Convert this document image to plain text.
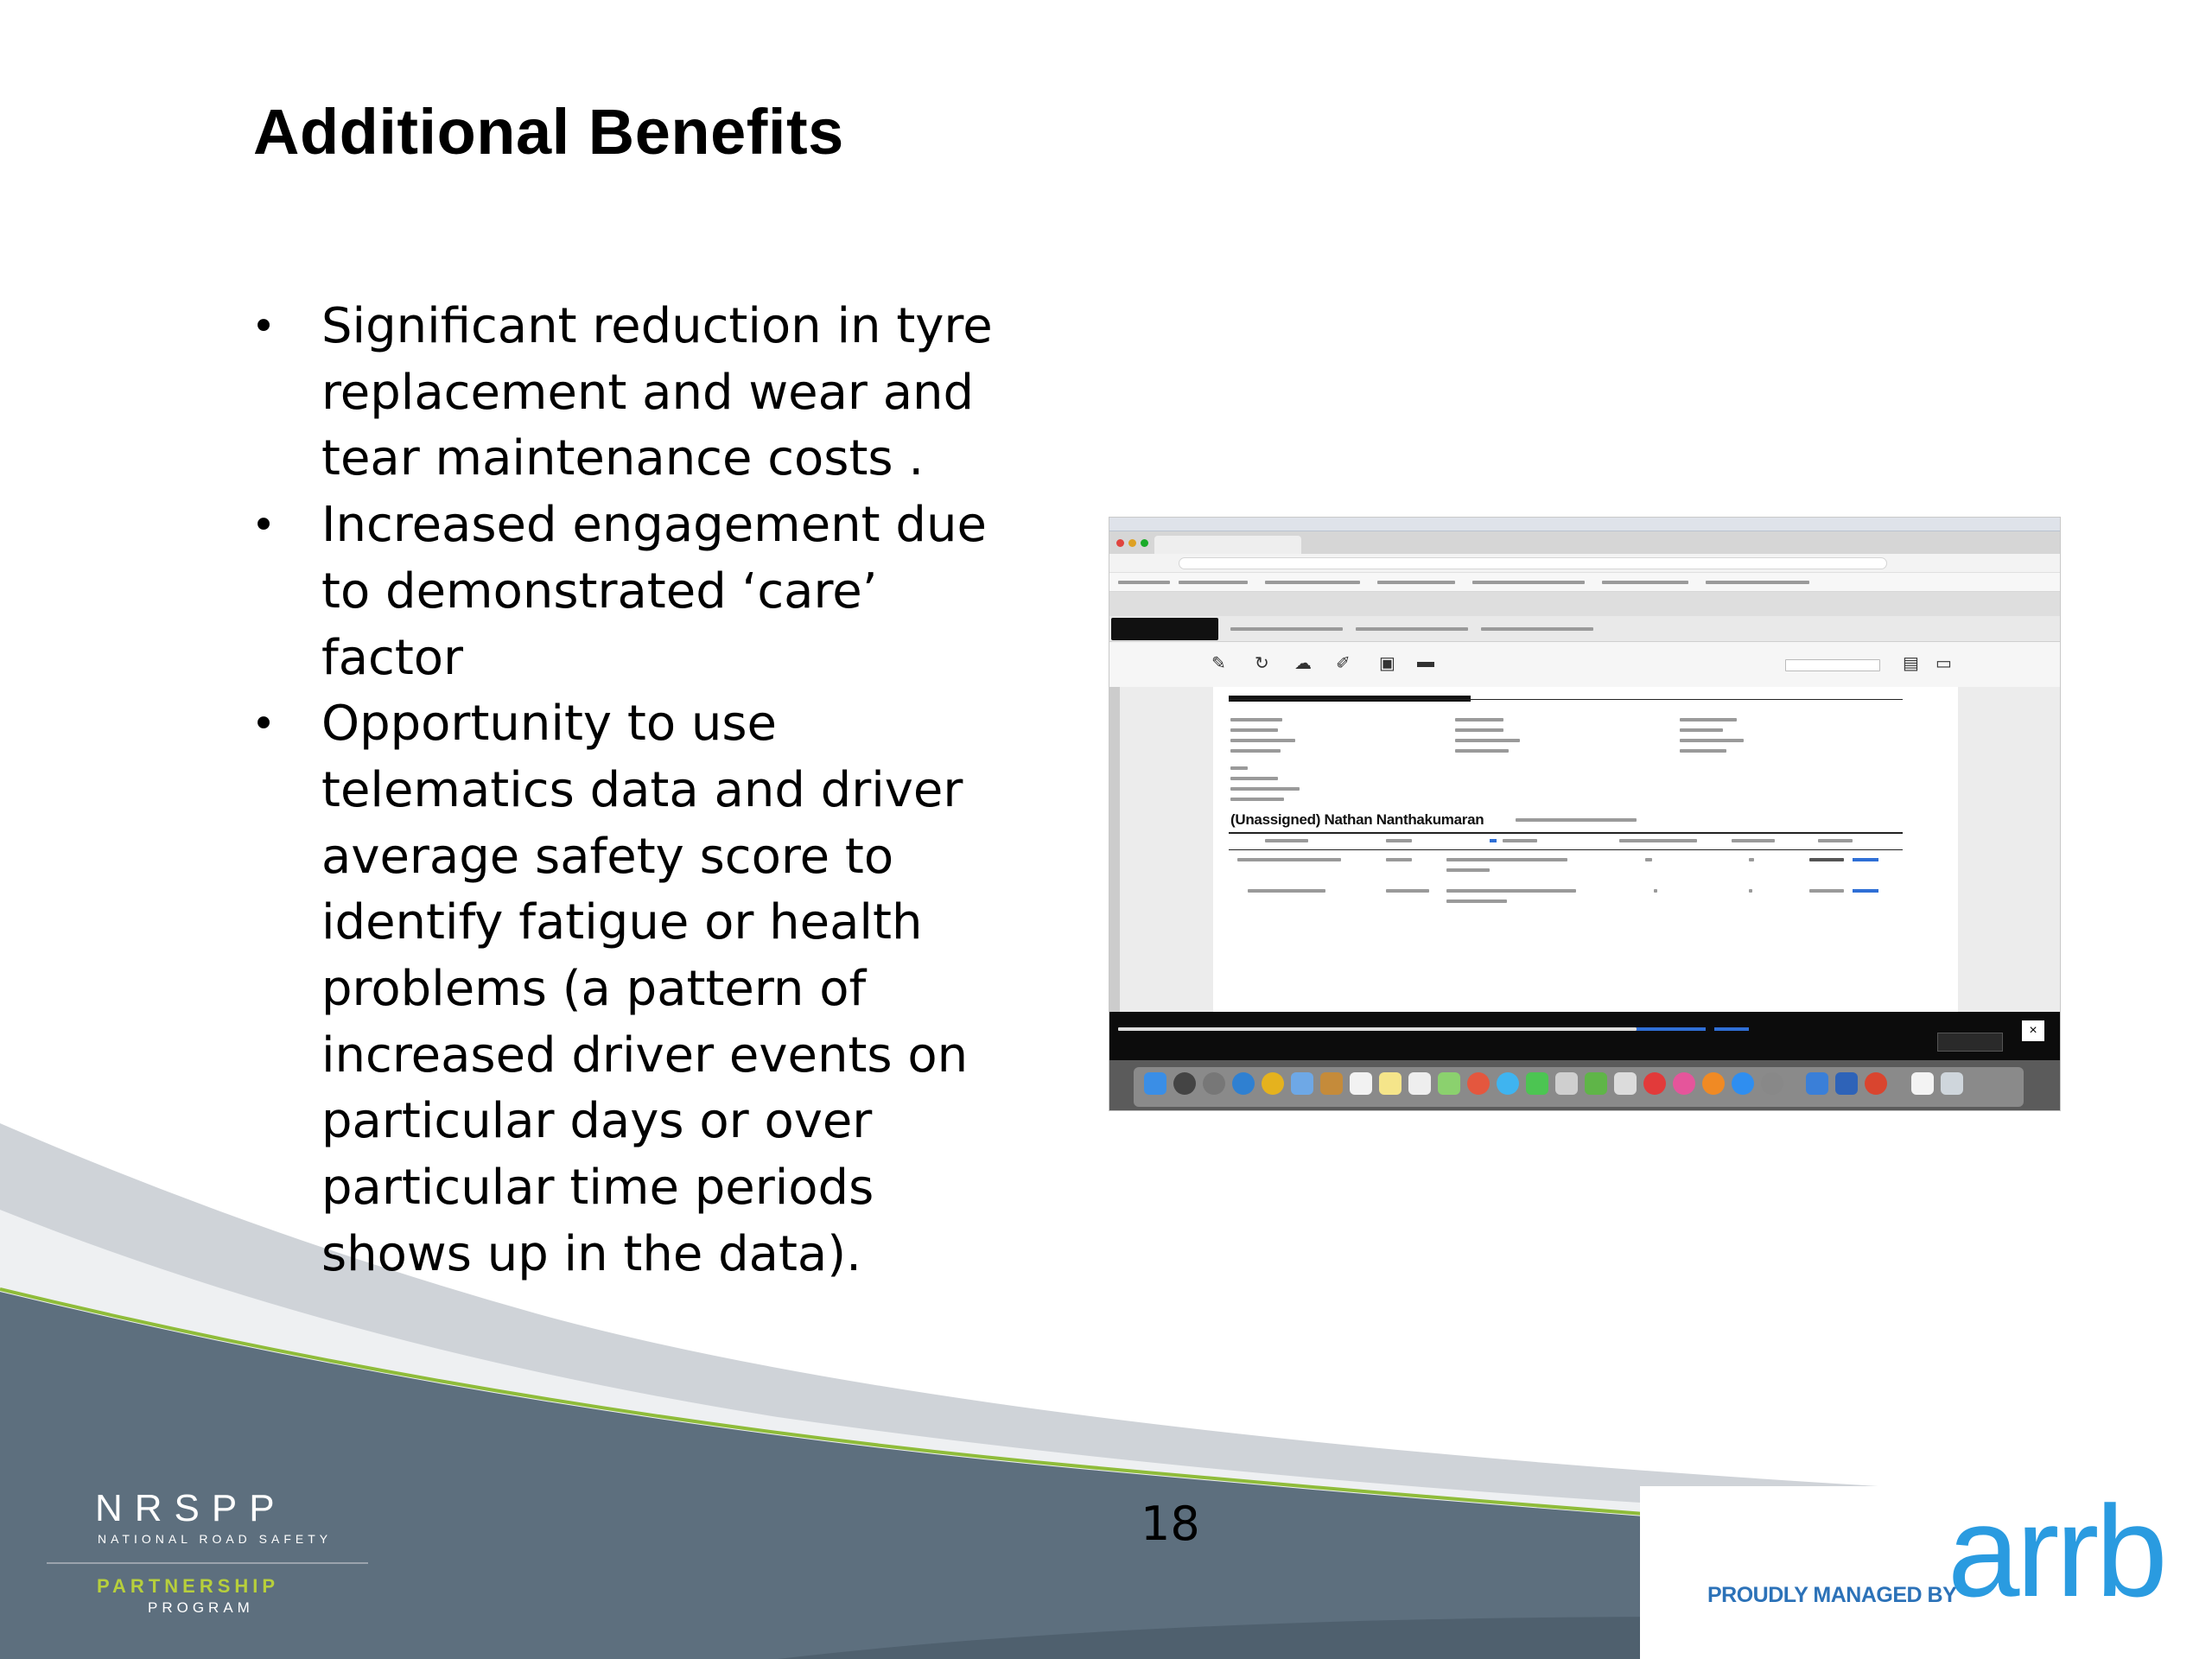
Additional Benefits
• Significant reduction in tyre
replacement and wear and
tear maintenance costs .
• Increased engagement due
to demonstrated ‘care’
factor
• Opportunity to use
telematics data and driver
average safety score to
identify fatigue or health
problems (a pattern of
increased driver events on
particular days or over
particular time periods
shows up in the data).
✎ ↻ ☁ ✐ ▣ ▬	▤ ▭
(Unassigned) Nathan Nanthakumaran
×
18
NRSPP
NATIONAL ROAD SAFETY
PARTNERSHIP
PROGRAM
PROUDLY MANAGED BY
arrb
